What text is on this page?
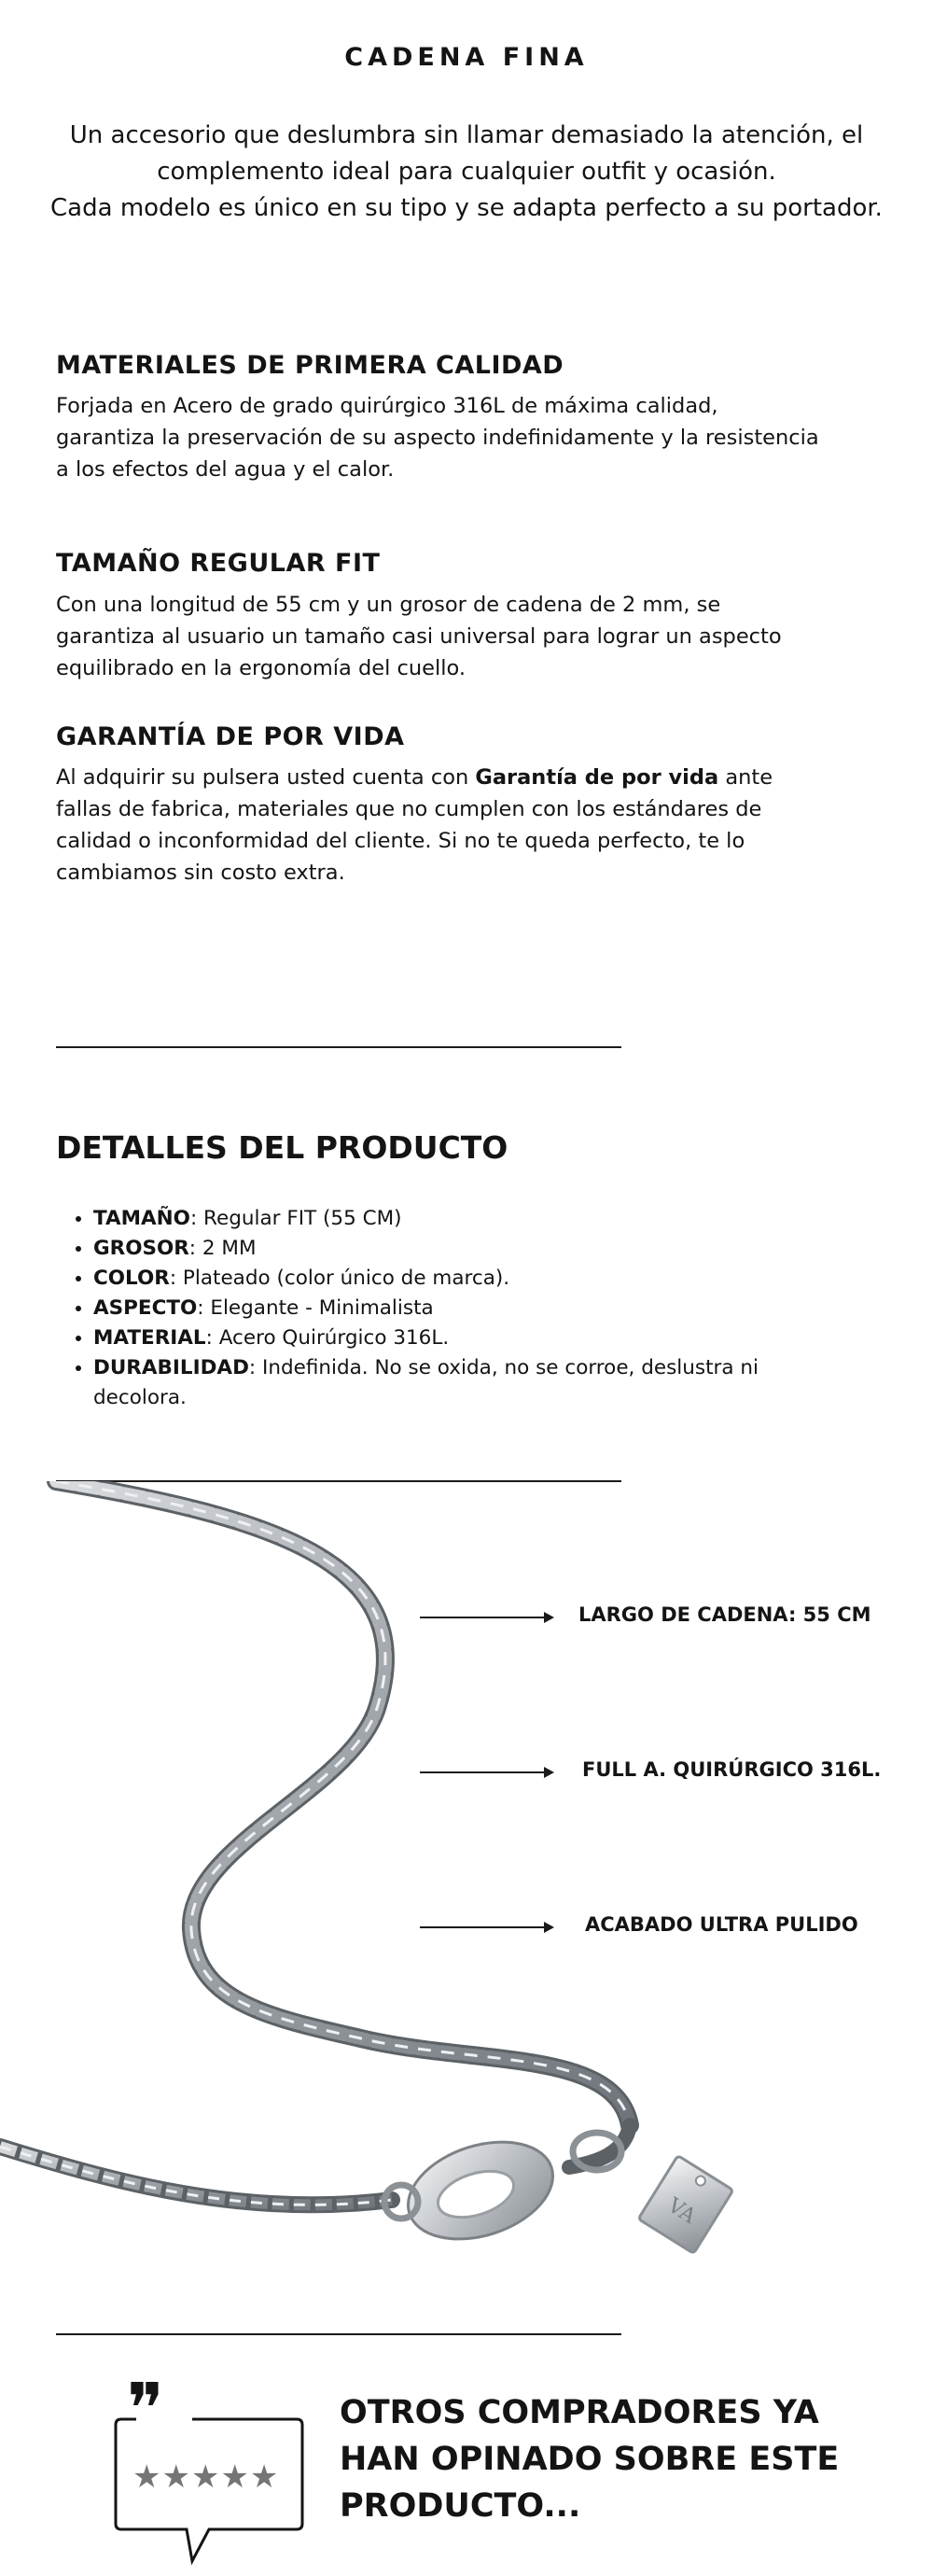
CADENA FINA
Un accesorio que deslumbra sin llamar demasiado la atención, el complemento ideal para cualquier outfit y ocasión.
Cada modelo es único en su tipo y se adapta perfecto a su portador.
MATERIALES DE PRIMERA CALIDAD
Forjada en Acero de grado quirúrgico 316L de máxima calidad, garantiza la preservación de su aspecto indefinidamente y la resistencia a los efectos del agua y el calor.
TAMAÑO REGULAR FIT
Con una longitud de 55 cm y un grosor de cadena de 2 mm, se garantiza al usuario un tamaño casi universal para lograr un aspecto equilibrado en la ergonomía del cuello.
GARANTÍA DE POR VIDA
Al adquirir su pulsera usted cuenta con Garantía de por vida ante fallas de fabrica, materiales que no cumplen con los estándares de calidad o inconformidad del cliente. Si no te queda perfecto, te lo cambiamos sin costo extra.
DETALLES DEL PRODUCTO
• TAMAÑO: Regular FIT (55 CM)
• GROSOR: 2 MM
• COLOR: Plateado (color único de marca).
• ASPECTO: Elegante - Minimalista
• MATERIAL: Acero Quirúrgico 316L.
• DURABILIDAD: Indefinida. No se oxida, no se corroe, deslustra ni decolora.
VA
LARGO DE CADENA: 55 CM
FULL A. QUIRÚRGICO 316L.
ACABADO ULTRA PULIDO
❞
★★★★★
OTROS COMPRADORES YA HAN OPINADO SOBRE ESTE PRODUCTO...
